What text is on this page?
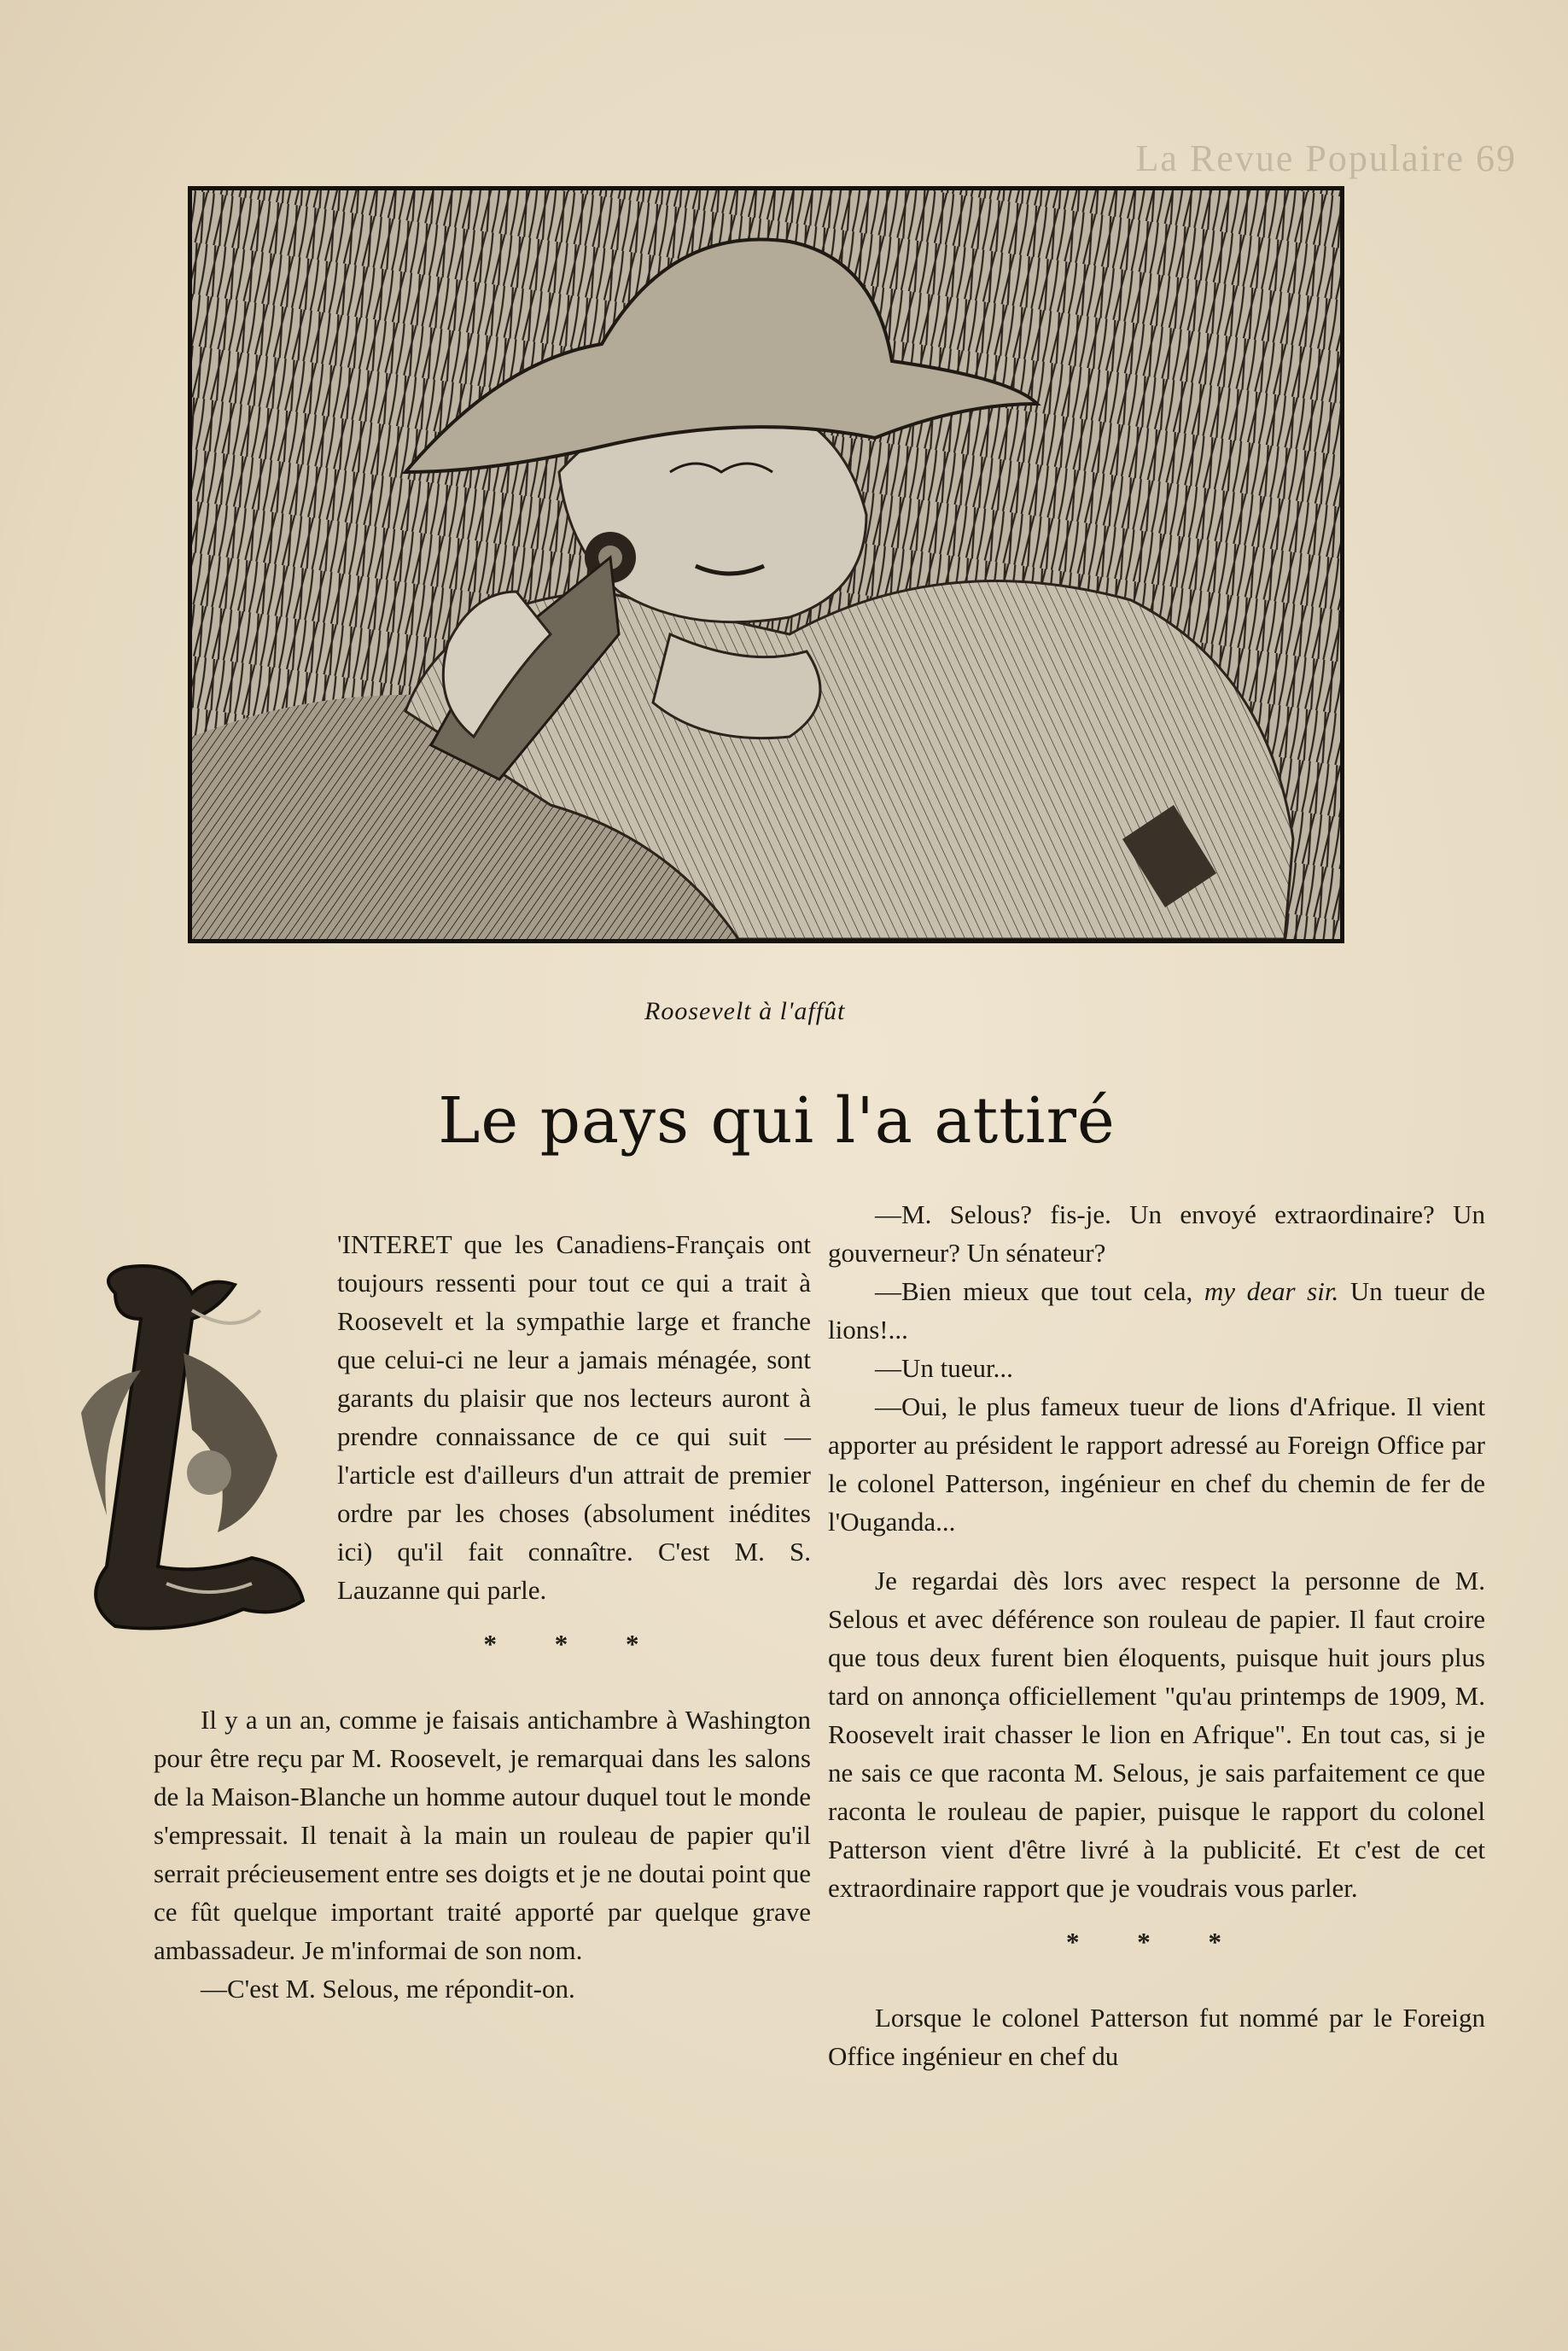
La Revue Populaire 69
Roosevelt à l'affût
Le pays qui l'a attiré

'INTERET que les Canadiens-Français ont toujours ressenti pour tout ce qui a trait à Roosevelt et la sympathie large et franche que celui-ci ne leur a jamais ménagée, sont garants du plaisir que nos lecteurs auront à prendre connaissance de ce qui suit — l'article est d'ailleurs d'un attrait de premier ordre par les choses (absolument inédites ici) qu'il fait connaître. C'est M. S. Lauzanne qui parle.

* * *

Il y a un an, comme je faisais antichambre à Washington pour être reçu par M. Roosevelt, je remarquai dans les salons de la Maison-Blanche un homme autour duquel tout le monde s'empressait. Il tenait à la main un rouleau de papier qu'il serrait précieusement entre ses doigts et je ne doutai point que ce fût quelque important traité apporté par quelque grave ambassadeur. Je m'informai de son nom.

—C'est M. Selous, me répondit-on.

—M. Selous? fis-je. Un envoyé extraordinaire? Un gouverneur? Un sénateur?

—Bien mieux que tout cela, my dear sir. Un tueur de lions!...

—Un tueur...

—Oui, le plus fameux tueur de lions d'Afrique. Il vient apporter au président le rapport adressé au Foreign Office par le colonel Patterson, ingénieur en chef du chemin de fer de l'Ouganda...

Je regardai dès lors avec respect la personne de M. Selous et avec déférence son rouleau de papier. Il faut croire que tous deux furent bien éloquents, puisque huit jours plus tard on annonça officiellement "qu'au printemps de 1909, M. Roosevelt irait chasser le lion en Afrique". En tout cas, si je ne sais ce que raconta M. Selous, je sais parfaitement ce que raconta le rouleau de papier, puisque le rapport du colonel Patterson vient d'être livré à la publicité. Et c'est de cet extraordinaire rapport que je voudrais vous parler.

* * *

Lorsque le colonel Patterson fut nommé par le Foreign Office ingénieur en chef du
